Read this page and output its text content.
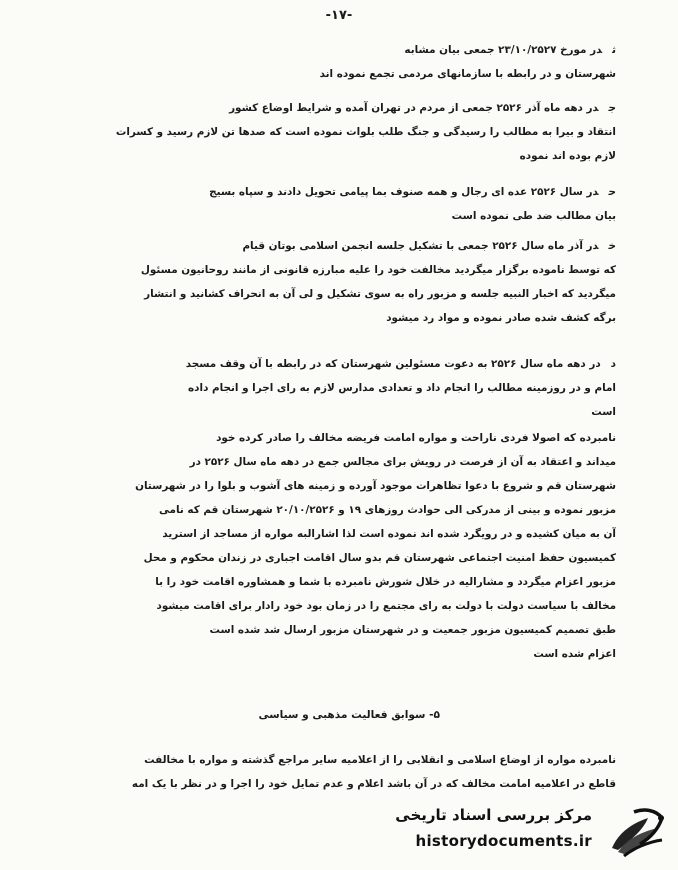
-۱۷-
ثدر مورخ ۲۳/۱۰/۲۵۲۷ جمعی بیان مشابه
شهرستان و در رابطه با سازمانهای مردمی تجمع نموده اند
جدر دهه ماه آذر ۲۵۲۶ جمعی از مردم در تهران آمده و شرایط اوضاع کشور
انتقاد و بیرا به مطالب را رسیدگی و جنگ طلب بلوات نموده است که صدها تن لازم رسید و کسرات
لازم بوده اند نموده
حدر سال ۲۵۲۶ عده ای رجال و همه صنوف بما پیامی تحویل دادند و سپاه بسیج
بیان مطالب ضد طی نموده است
خدر آذر ماه سال ۲۵۲۶ جمعی با تشکیل جلسه انجمن اسلامی بوتان قیام
که توسط ناموده برگزار میگردید مخالفت خود را علیه مبارزه قانونی از مانند روحانیون مسئول
میگردید که اخبار النبیه جلسه و مزبور راه به سوی تشکیل و لی آن به انحراف کشانید و انتشار
برگه کشف شده صادر نموده و مواد رد میشود
ددر دهه ماه سال ۲۵۲۶ به دعوت مسئولین شهرستان که در رابطه با آن وقف مسجد
امام و در روزمینه مطالب را انجام داد و تعدادی مدارس لازم به رای اجرا و انجام داده
است
نامبرده که اصولا فردی ناراحت و مواره امامت فریضه مخالف را صادر کرده خود
میداند و اعتقاد به آن از فرصت در رویش برای مجالس جمع در دهه ماه سال ۲۵۲۶ در
شهرستان قم و شروع با دعوا تظاهرات موجود آورده و زمینه های آشوب و بلوا را در شهرستان
مزبور نموده و بینی از مدرکی الی حوادث روزهای ۱۹ و ۲۰/۱۰/۲۵۲۶ شهرستان قم که نامی
آن به میان کشیده و در رویگرد شده اند نموده است لذا اشارالبه مواره از مساجد از استرید
کمیسیون حفظ امنیت اجتماعی شهرستان قم بدو سال اقامت اجباری در زندان محکوم و محل
مزبور اعزام میگردد و مشارالیه در خلال شورش نامبرده با شما و همشاوره اقامت خود را با
مخالف با سیاست دولت با دولت به رای مجتمع را در زمان بود خود رادار برای اقامت میشود
طبق تصمیم کمیسیون مزبور جمعیت و در شهرستان مزبور ارسال شد شده است
اعزام شده است
۵- سوابق فعالیت مذهبی و سیاسی
نامبرده مواره از اوضاع اسلامی و انقلابی را از اعلامیه سایر مراجع گذشته و مواره با مخالفت
قاطع در اعلامیه امامت مخالف که در آن باشد اعلام و عدم تمایل خود را اجرا و در نظر با یک امه
مرکز بررسی اسناد تاریخی
historydocuments.ir
